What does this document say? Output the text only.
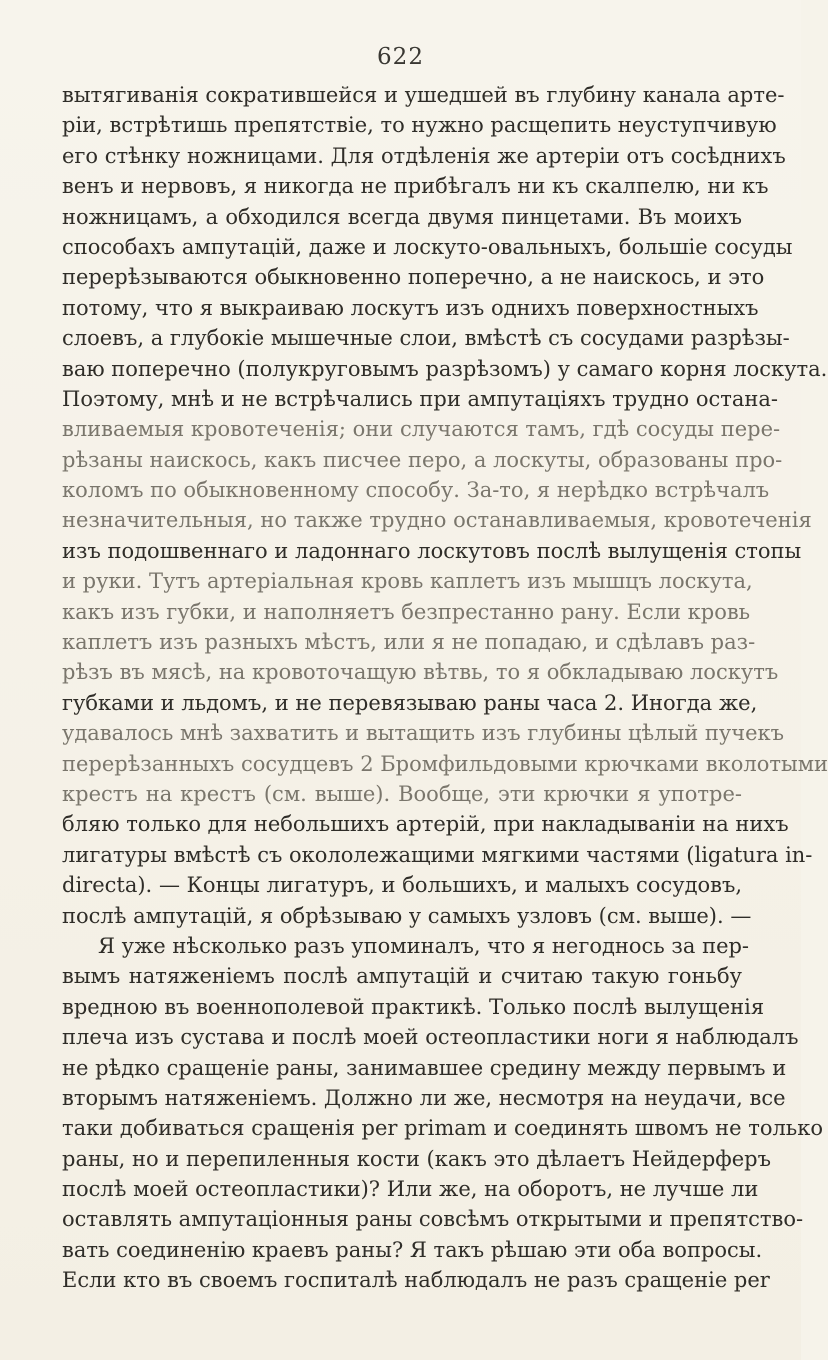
622
вытягиванія сократившейся и ушедшей въ глубину канала арте-
ріи, встрѣтишь препятствіе, то нужно расщепить неуступчивую
его стѣнку ножницами. Для отдѣленія же артеріи отъ сосѣднихъ
венъ и нервовъ, я никогда не прибѣгалъ ни къ скалпелю, ни къ
ножницамъ, а обходился всегда двумя пинцетами. Въ моихъ
способахъ ампутацій, даже и лоскуто-овальныхъ, большіе сосуды
перерѣзываются обыкновенно поперечно, а не наискось, и это
потому, что я выкраиваю лоскутъ изъ однихъ поверхностныхъ
слоевъ, а глубокіе мышечные слои, вмѣстѣ съ сосудами разрѣзы-
ваю поперечно (полукруговымъ разрѣзомъ) у самаго корня лоскута.
Поэтому, мнѣ и не встрѣчались при ампутаціяхъ трудно останa-
вливаемыя кровотеченія; они случаются тамъ, гдѣ сосуды пере-
рѣзаны наискось, какъ писчее перо, а лоскуты, образованы про-
коломъ по обыкновенному способу. За-то, я нерѣдко встрѣчалъ
незначительныя, но также трудно останавливаемыя, кровотеченія
изъ подошвеннаго и ладоннаго лоскутовъ послѣ вылущенія стопы
и руки. Тутъ артеріальная кровь каплетъ изъ мышцъ лоскута,
какъ изъ губки, и наполняетъ безпрестанно рану. Если кровь
каплетъ изъ разныхъ мѣстъ, или я не попадаю, и сдѣлавъ раз-
рѣзъ въ мясѣ, на кровоточащую вѣтвь, то я обкладываю лоскутъ
губками и льдомъ, и не перевязываю раны часа 2. Иногда же,
удавалось мнѣ захватить и вытащить изъ глубины цѣлый пучекъ
перерѣзанныхъ сосудцевъ 2 Бромфильдовыми крючками вколотыми
крестъ на крестъ (см. выше). Вообще, эти крючки я употре-
бляю только для небольшихъ артерій, при накладываніи на нихъ
лигатуры вмѣстѣ съ окололежащими мягкими частями (ligatura in-
directa). — Концы лигатуръ, и большихъ, и малыхъ сосудовъ,
послѣ ампутацій, я обрѣзываю у самыхъ узловъ (см. выше). —
Я уже нѣсколько разъ упоминалъ, что я негоднось за пер-
вымъ натяженіемъ послѣ ампутацій и считаю такую гоньбу
вредною въ военнополевой практикѣ. Только послѣ вылущенія
плеча изъ сустава и послѣ моей остеопластики ноги я наблюдалъ
не рѣдко сращеніе раны, занимавшее средину между первымъ и
вторымъ натяженіемъ. Должно ли же, несмотря на неудачи, все
таки добиваться сращенія per primam и соединять швомъ не только
раны, но и перепиленныя кости (какъ это дѣлаетъ Нейдерферъ
послѣ моей остеопластики)? Или же, на оборотъ, не лучше ли
оставлять ампутаціонныя раны совсѣмъ открытыми и препятство-
вать соединенію краевъ раны? Я такъ рѣшаю эти оба вопросы.
Если кто въ своемъ госпиталѣ наблюдалъ не разъ сращеніе per
